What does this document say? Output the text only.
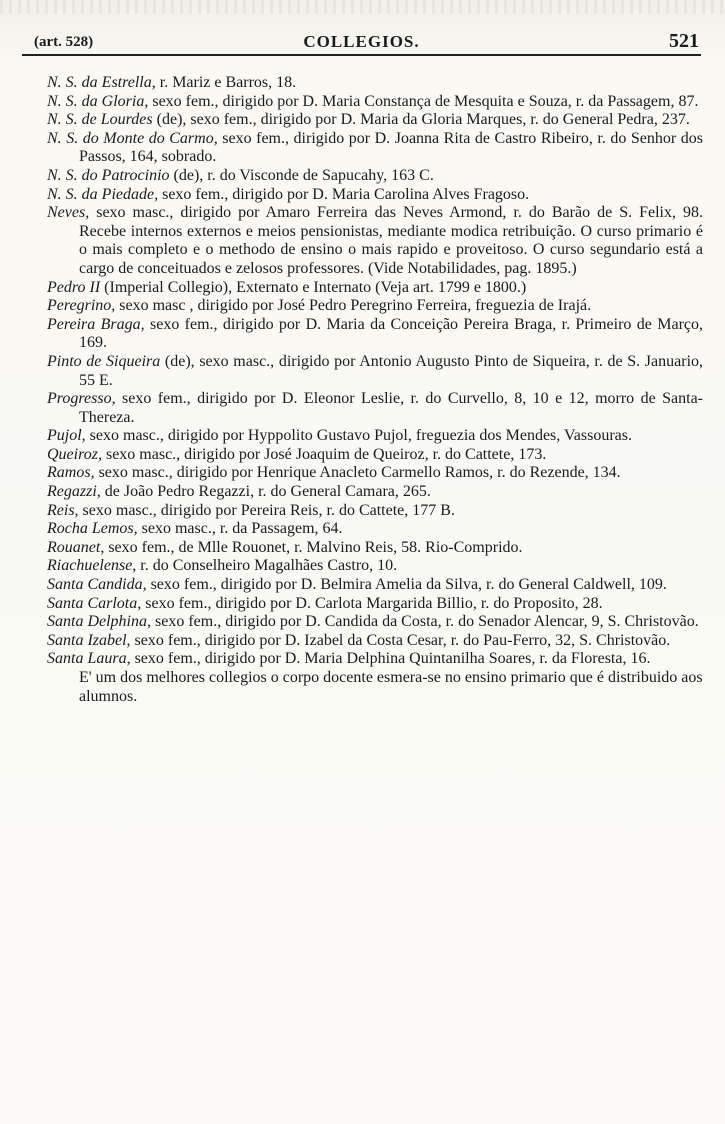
(art. 528)	COLLEGIOS.	521
N. S. da Estrella, r. Mariz e Barros, 18.
N. S. da Gloria, sexo fem., dirigido por D. Maria Constança de Mesquita e Souza, r. da Passagem, 87.
N. S. de Lourdes (de), sexo fem., dirigido por D. Maria da Gloria Marques, r. do General Pedra, 237.
N. S. do Monte do Carmo, sexo fem., dirigido por D. Joanna Rita de Castro Ribeiro, r. do Senhor dos Passos, 164, sobrado.
N. S. do Patrocinio (de), r. do Visconde de Sapucahy, 163 C.
N. S. da Piedade, sexo fem., dirigido por D. Maria Carolina Alves Fragoso.
Neves, sexo masc., dirigido por Amaro Ferreira das Neves Armond, r. do Barão de S. Felix, 98. Recebe internos externos e meios pensionistas, mediante modica retribuição. O curso primario é o mais completo e o methodo de ensino o mais rapido e proveitoso. O curso segundario está a cargo de conceituados e zelosos professores. (Vide Notabilidades, pag. 1895.)
Pedro II (Imperial Collegio), Externato e Internato (Veja art. 1799 e 1800.)
Peregrino, sexo masc , dirigido por José Pedro Peregrino Ferreira, freguezia de Irajá.
Pereira Braga, sexo fem., dirigido por D. Maria da Conceição Pereira Braga, r. Primeiro de Março, 169.
Pinto de Siqueira (de), sexo masc., dirigido por Antonio Augusto Pinto de Siqueira, r. de S. Januario, 55 E.
Progresso, sexo fem., dirigido por D. Eleonor Leslie, r. do Curvello, 8, 10 e 12, morro de Santa-Thereza.
Pujol, sexo masc., dirigido por Hyppolito Gustavo Pujol, freguezia dos Mendes, Vassouras.
Queiroz, sexo masc., dirigido por José Joaquim de Queiroz, r. do Cattete, 173.
Ramos, sexo masc., dirigido por Henrique Anacleto Carmello Ramos, r. do Rezende, 134.
Regazzi, de João Pedro Regazzi, r. do General Camara, 265.
Reis, sexo masc., dirigido por Pereira Reis, r. do Cattete, 177 B.
Rocha Lemos, sexo masc., r. da Passagem, 64.
Rouanet, sexo fem., de Mlle Rouonet, r. Malvino Reis, 58. Rio-Comprido.
Riachuelense, r. do Conselheiro Magalhães Castro, 10.
Santa Candida, sexo fem., dirigido por D. Belmira Amelia da Silva, r. do General Caldwell, 109.
Santa Carlota, sexo fem., dirigido por D. Carlota Margarida Billio, r. do Proposito, 28.
Santa Delphina, sexo fem., dirigido por D. Candida da Costa, r. do Senador Alencar, 9, S. Christovão.
Santa Izabel, sexo fem., dirigido por D. Izabel da Costa Cesar, r. do Pau-Ferro, 32, S. Christovão.
Santa Laura, sexo fem., dirigido por D. Maria Delphina Quintanilha Soares, r. da Floresta, 16.
E' um dos melhores collegios o corpo docente esmera-se no ensino primario que é distribuido aos alumnos.
